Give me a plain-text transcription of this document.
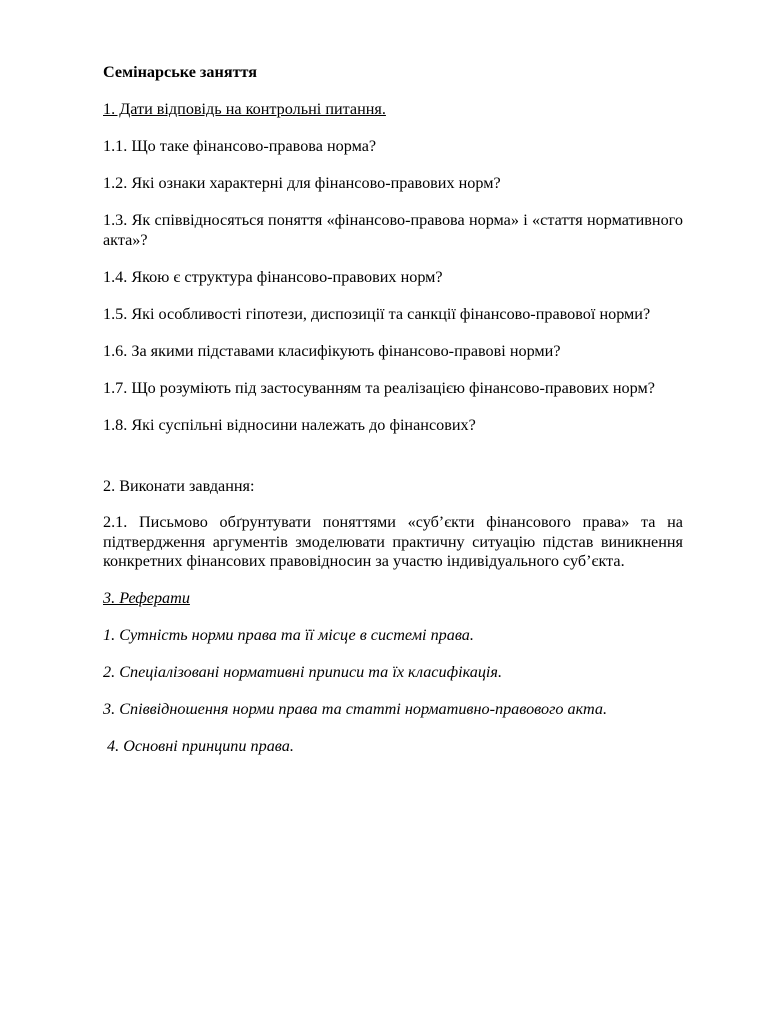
Семінарське заняття

1. Дати відповідь на контрольні питання.

1.1. Що таке фінансово-правова норма?

1.2. Які ознаки характерні для фінансово-правових норм?

1.3. Як співвідносяться поняття «фінансово-правова норма» і «стаття нормативного акта»?

1.4. Якою є структура фінансово-правових норм?

1.5. Які особливості гіпотези, диспозиції та санкції фінансово-правової норми?

1.6. За якими підставами класифікують фінансово-правові норми?

1.7. Що розуміють під застосуванням та реалізацією фінансово-правових норм?

1.8. Які суспільні відносини належать до фінансових?

2. Виконати завдання:

2.1. Письмово обґрунтувати поняттями «суб’єкти фінансового права» та на підтвердження аргументів змоделювати практичну ситуацію підстав виникнення конкретних фінансових правовідносин за участю індивідуального суб’єкта.

3. Реферати

1. Сутність норми права та її місце в системі права.

2. Спеціалізовані нормативні приписи та їх класифікація.

3. Співвідношення норми права та статті нормативно-правового акта.

4. Основні принципи права.
